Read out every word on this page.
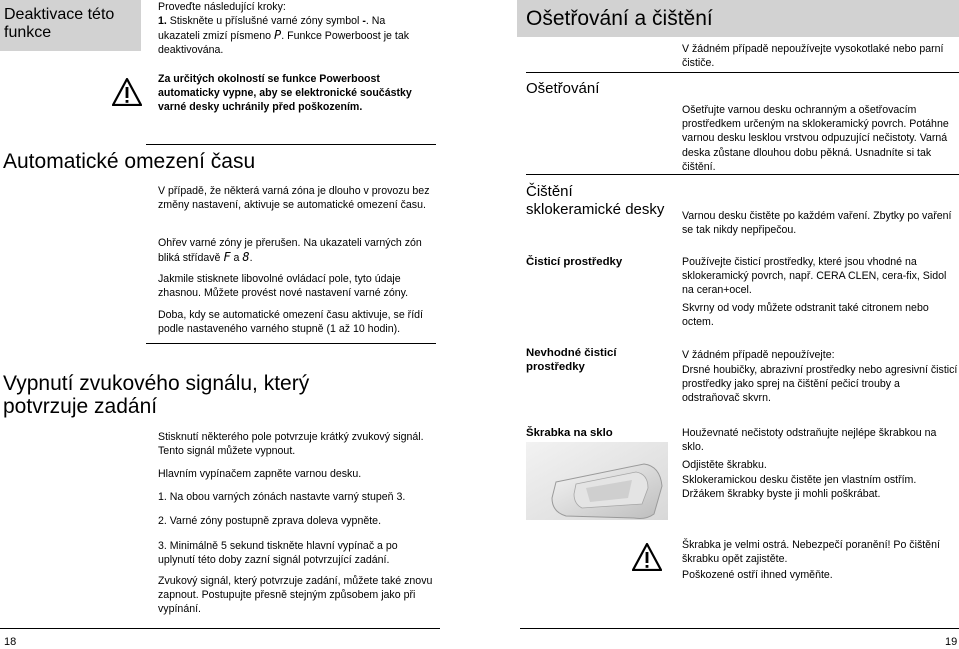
Deaktivace této funkce
Proveďte následující kroky:
1. Stiskněte u příslušné varné zóny symbol -. Na ukazateli zmizí písmeno P. Funkce Powerboost je tak deaktivována.
Za určitých okolností se funkce Powerboost automaticky vypne, aby se elektronické součástky varné desky uchránily před poškozením.
Automatické omezení času
V případě, že některá varná zóna je dlouho v provozu bez změny nastavení, aktivuje se automatické omezení času.
Ohřev varné zóny je přerušen. Na ukazateli varných zón bliká střídavě F a 8.
Jakmile stisknete libovolné ovládací pole, tyto údaje zhasnou. Můžete provést nové nastavení varné zóny.
Doba, kdy se automatické omezení času aktivuje, se řídí podle nastaveného varného stupně (1 až 10 hodin).
Vypnutí zvukového signálu, který potvrzuje zadání
Stisknutí některého pole potvrzuje krátký zvukový signál. Tento signál můžete vypnout.
Hlavním vypínačem zapněte varnou desku.
1. Na obou varných zónách nastavte varný stupeň 3.
2. Varné zóny postupně zprava doleva vypněte.
3. Minimálně 5 sekund tiskněte hlavní vypínač a po uplynutí této doby zazní signál potvrzující zadání.
Zvukový signál, který potvrzuje zadání, můžete také znovu zapnout. Postupujte přesně stejným způsobem jako při vypínání.
18
Ošetřování a čištění
V žádném případě nepoužívejte vysokotlaké nebo parní čističe.
Ošetřování
Ošetřujte varnou desku ochranným a ošetřovacím prostředkem určeným na sklokeramický povrch. Potáhne varnou desku lesklou vrstvou odpuzující nečistoty. Varná deska zůstane dlouhou dobu pěkná. Usnadníte si tak čištění.
Čištění sklokeramické desky Varnou desku čistěte po každém vaření. Zbytky po vaření se tak nikdy nepřipečou.
Čisticí prostředky	Používejte čisticí prostředky, které jsou vhodné na sklokeramický povrch, např. CERA CLEN, cera-fix, Sidol na ceran+ocel.
Skvrny od vody můžete odstranit také citronem nebo octem.
Nevhodné čisticí prostředky
V žádném případě nepoužívejte:
Drsné houbičky, abrazivní prostředky nebo agresivní čisticí prostředky jako sprej na čištění pečicí trouby a odstraňovač skvrn.
Škrabka na sklo	Houževnaté nečistoty odstraňujte nejlépe škrabkou na sklo.
Odjistěte škrabku.
Sklokeramickou desku čistěte jen vlastním ostřím. Držákem škrabky byste ji mohli poškrábat.
Škrabka je velmi ostrá. Nebezpečí poranění! Po čištění škrabku opět zajistěte.
Poškozené ostří ihned vyměňte.
19
